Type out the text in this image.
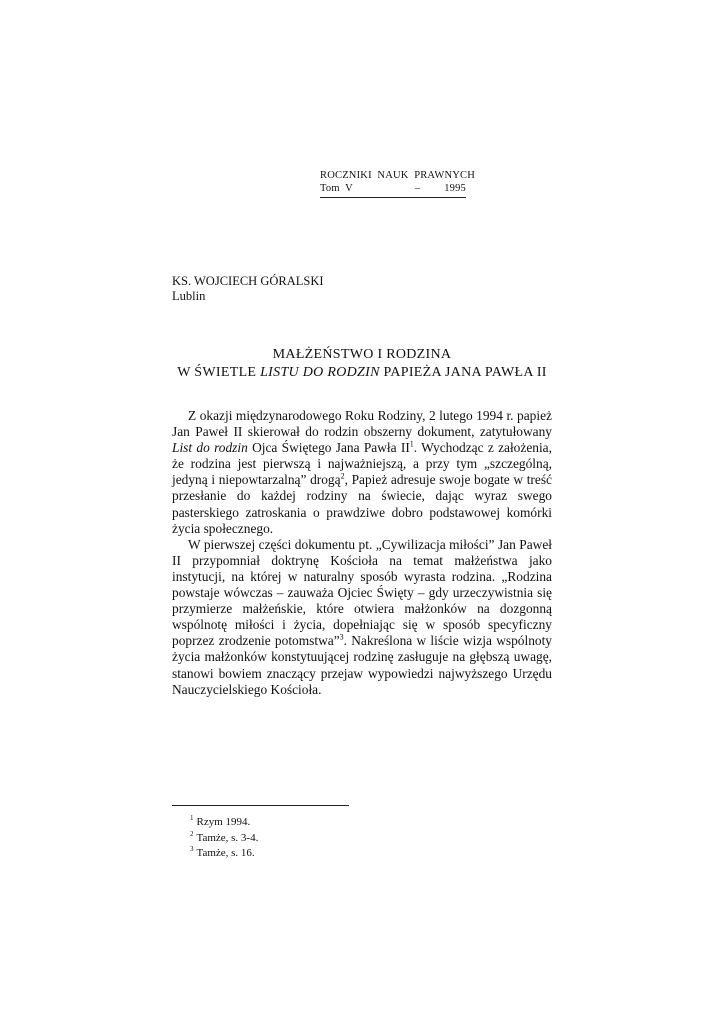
ROCZNIKI  NAUK  PRAWNYCH
Tom  V	– 1995
KS. WOJCIECH GÓRALSKI
Lublin
MAŁŻEŃSTWO I RODZINA
W ŚWIETLE LISTU DO RODZIN PAPIEŻA JANA PAWŁA II

Z okazji międzynarodowego Roku Rodziny, 2 lutego 1994 r. papież Jan Paweł II skierował do rodzin obszerny dokument, zatytułowany List do rodzin Ojca Świętego Jana Pawła $II^1$. Wychodząc z założenia, że rodzina jest pierwszą i najważniejszą, a przy tym „szczególną, jedyną i niepowtarzalną” drogą$^2$, Papież adresuje swoje bogate w treść przesłanie do każdej rodziny na świecie, dając wyraz swego pasterskiego zatroskania o prawdziwe dobro podstawowej komórki życia społecznego.

W pierwszej części dokumentu pt. „Cywilizacja miłości” Jan Paweł II przypomniał doktrynę Kościoła na temat małżeństwa jako instytucji, na której w naturalny sposób wyrasta rodzina. „Rodzina powstaje wówczas – zauważa Ojciec Święty – gdy urzeczywistnia się przymierze małżeńskie, które otwiera małżonków na dozgonną wspólnotę miłości i życia, dopełniając się w sposób specyficzny poprzez zrodzenie potomstwa”$^3$. Nakreślona w liście wizja wspólnoty życia małżonków konstytuującej rodzinę zasługuje na głębszą uwagę, stanowi bowiem znaczący przejaw wypowiedzi najwyższego Urzędu Nauczycielskiego Kościoła.

$^1$ Rzym 1994.
$^2$ Tamże, s. 3-4.
$^3$ Tamże, s. 16.
